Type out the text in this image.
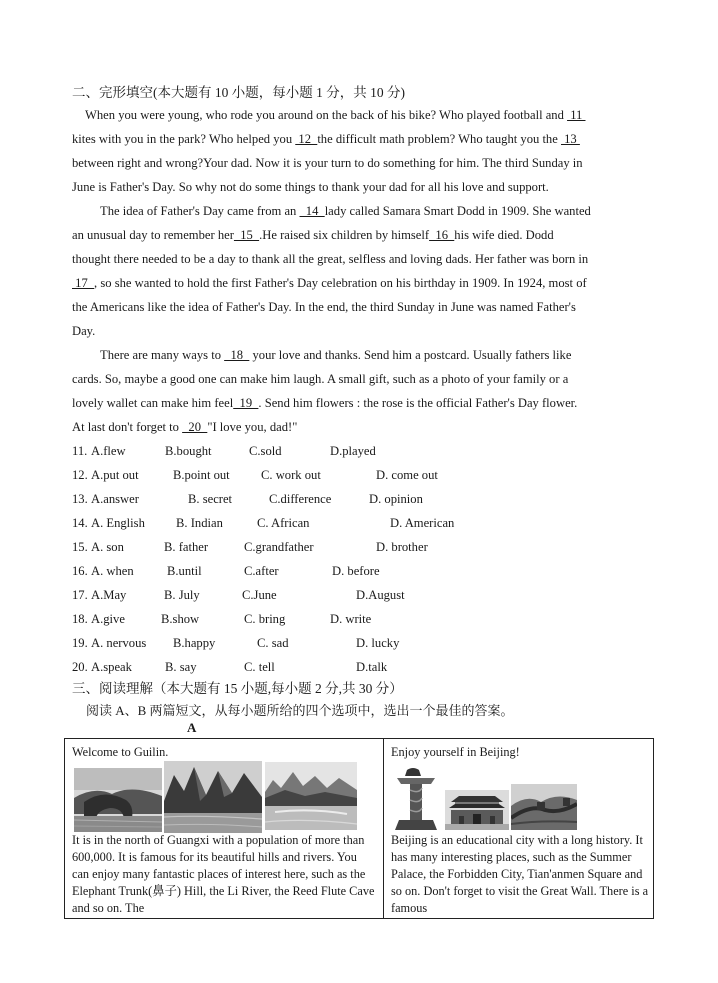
二、完形填空(本大题有 10 小题，每小题 1 分，共 10 分)
When you were young, who rode you around on the back of his bike? Who played football and  11
kites with you in the park? Who helped you  12  the difficult math problem? Who taught you the  13
between right and wrong?Your dad. Now it is your turn to do something for him. The third Sunday in
June is Father's Day. So why not do some things to thank your dad for all his love and support.
The idea of Father's Day came from an   14  lady called Samara Smart Dodd in 1909. She wanted
an unusual day to remember her  15  .He raised six children by himself  16  his wife died. Dodd
thought there needed to be a day to thank all the great, selfless and loving dads. Her father was born in
17  , so she wanted to hold the first Father's Day celebration on his birthday in 1909. In 1924, most of
the Americans like the idea of Father's Day. In the end, the third Sunday in June was named Father's
Day.
There are many ways to   18   your love and thanks. Send him a postcard. Usually fathers like
cards. So, maybe a good one can make him laugh. A small gift, such as a photo of your family or a
lovely wallet can make him feel  19  . Send him flowers : the rose is the official Father's Day flower.
At last don't forget to   20  "I love you, dad!"
11. A.flew	B.bought	C.sold	D.played
12. A.put out	B.point out C. work out	D. come out
13. A.answer	B. secret	C.difference	D. opinion
14. A. English B. Indian	C. African	D. American
15. A. son	B. father	C.grandfather	D. brother
16. A. when	B.until	C.after	D. before
17. A.May	B. July	C.June	D.August
18. A.give	B.show	C. bring	D. write
19. A. nervous B.happy	C. sad	D. lucky
20. A.speak	B. say	C. tell	D.talk
三、阅读理解（本大题有 15 小题,每小题 2 分,共 30 分）
阅读 A、B 两篇短文，从每小题所给的四个选项中，选出一个最佳的答案。
A
Welcome to Guilin.
It is in the north of Guangxi with a population of more than 600,000. It is famous for its beautiful hills and rivers. You can enjoy many fantastic places of interest here, such as the Elephant Trunk(鼻子) Hill, the Li River, the Reed Flute Cave and so on. The
Enjoy yourself in Beijing!
Beijing is an educational city with a long history. It has many interesting places, such as the Summer Palace, the Forbidden City, Tian'anmen Square and so on. Don't forget to visit the Great Wall. There is a famous
